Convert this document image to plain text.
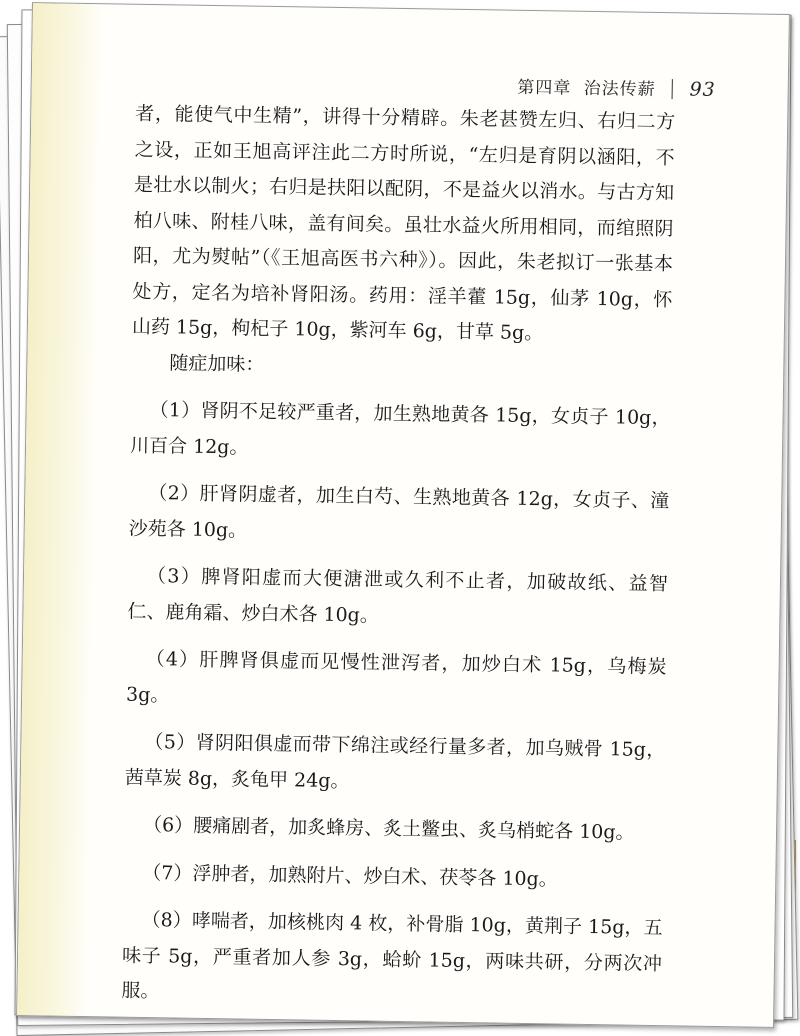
第四章 治法传薪 93

者，能使气中生精”，讲得十分精辟。朱老甚赞左归、右归二方之设，正如王旭高评注此二方时所说，“左归是育阴以涵阳，不是壮水以制火；右归是扶阳以配阴，不是益火以消水。与古方知柏八味、附桂八味，盖有间矣。虽壮水益火所用相同，而绾照阴阳，尤为熨帖”（《王旭高医书六种》）。因此，朱老拟订一张基本处方，定名为培补肾阳汤。药用：淫羊藿 15g，仙茅 10g，怀山药 15g，枸杞子 10g，紫河车 6g，甘草 5g。

随症加味：

（1）肾阴不足较严重者，加生熟地黄各 15g，女贞子 10g，川百合 12g。

（2）肝肾阴虚者，加生白芍、生熟地黄各 12g，女贞子、潼沙苑各 10g。

（3）脾肾阳虚而大便溏泄或久利不止者，加破故纸、益智仁、鹿角霜、炒白术各 10g。

（4）肝脾肾俱虚而见慢性泄泻者，加炒白术 15g，乌梅炭 3g。

（5）肾阴阳俱虚而带下绵注或经行量多者，加乌贼骨 15g，茜草炭 8g，炙龟甲 24g。

（6）腰痛剧者，加炙蜂房、炙土鳖虫、炙乌梢蛇各 10g。

（7）浮肿者，加熟附片、炒白术、茯苓各 10g。

（8）哮喘者，加核桃肉 4 枚，补骨脂 10g，黄荆子 15g，五味子 5g，严重者加人参 3g，蛤蚧 15g，两味共研，分两次冲服。
